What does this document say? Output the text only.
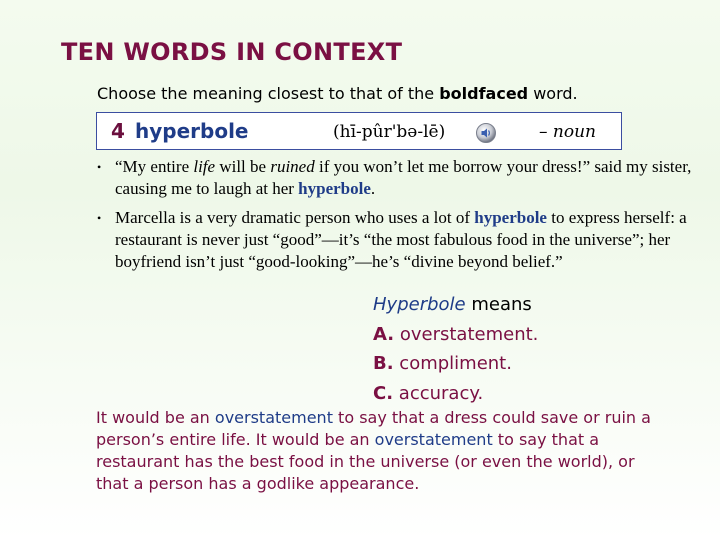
TEN WORDS IN CONTEXT
Choose the meaning closest to that of the boldfaced word.
4 hyperbole	(hī-pûr'bə-lē)	– noun
• “My entire life will be ruined if you won’t let me borrow your dress!” said my sister, causing me to laugh at her hyperbole.
• Marcella is a very dramatic person who uses a lot of hyperbole to express herself: a restaurant is never just “good”—it’s “the most fabulous food in the universe”; her boyfriend isn’t just “good-looking”—he’s “divine beyond belief.”
Hyperbole means
A. overstatement.
B. compliment.
C. accuracy.
It would be an overstatement to say that a dress could save or ruin a person’s entire life. It would be an overstatement to say that a restaurant has the best food in the universe (or even the world), or that a person has a godlike appearance.
